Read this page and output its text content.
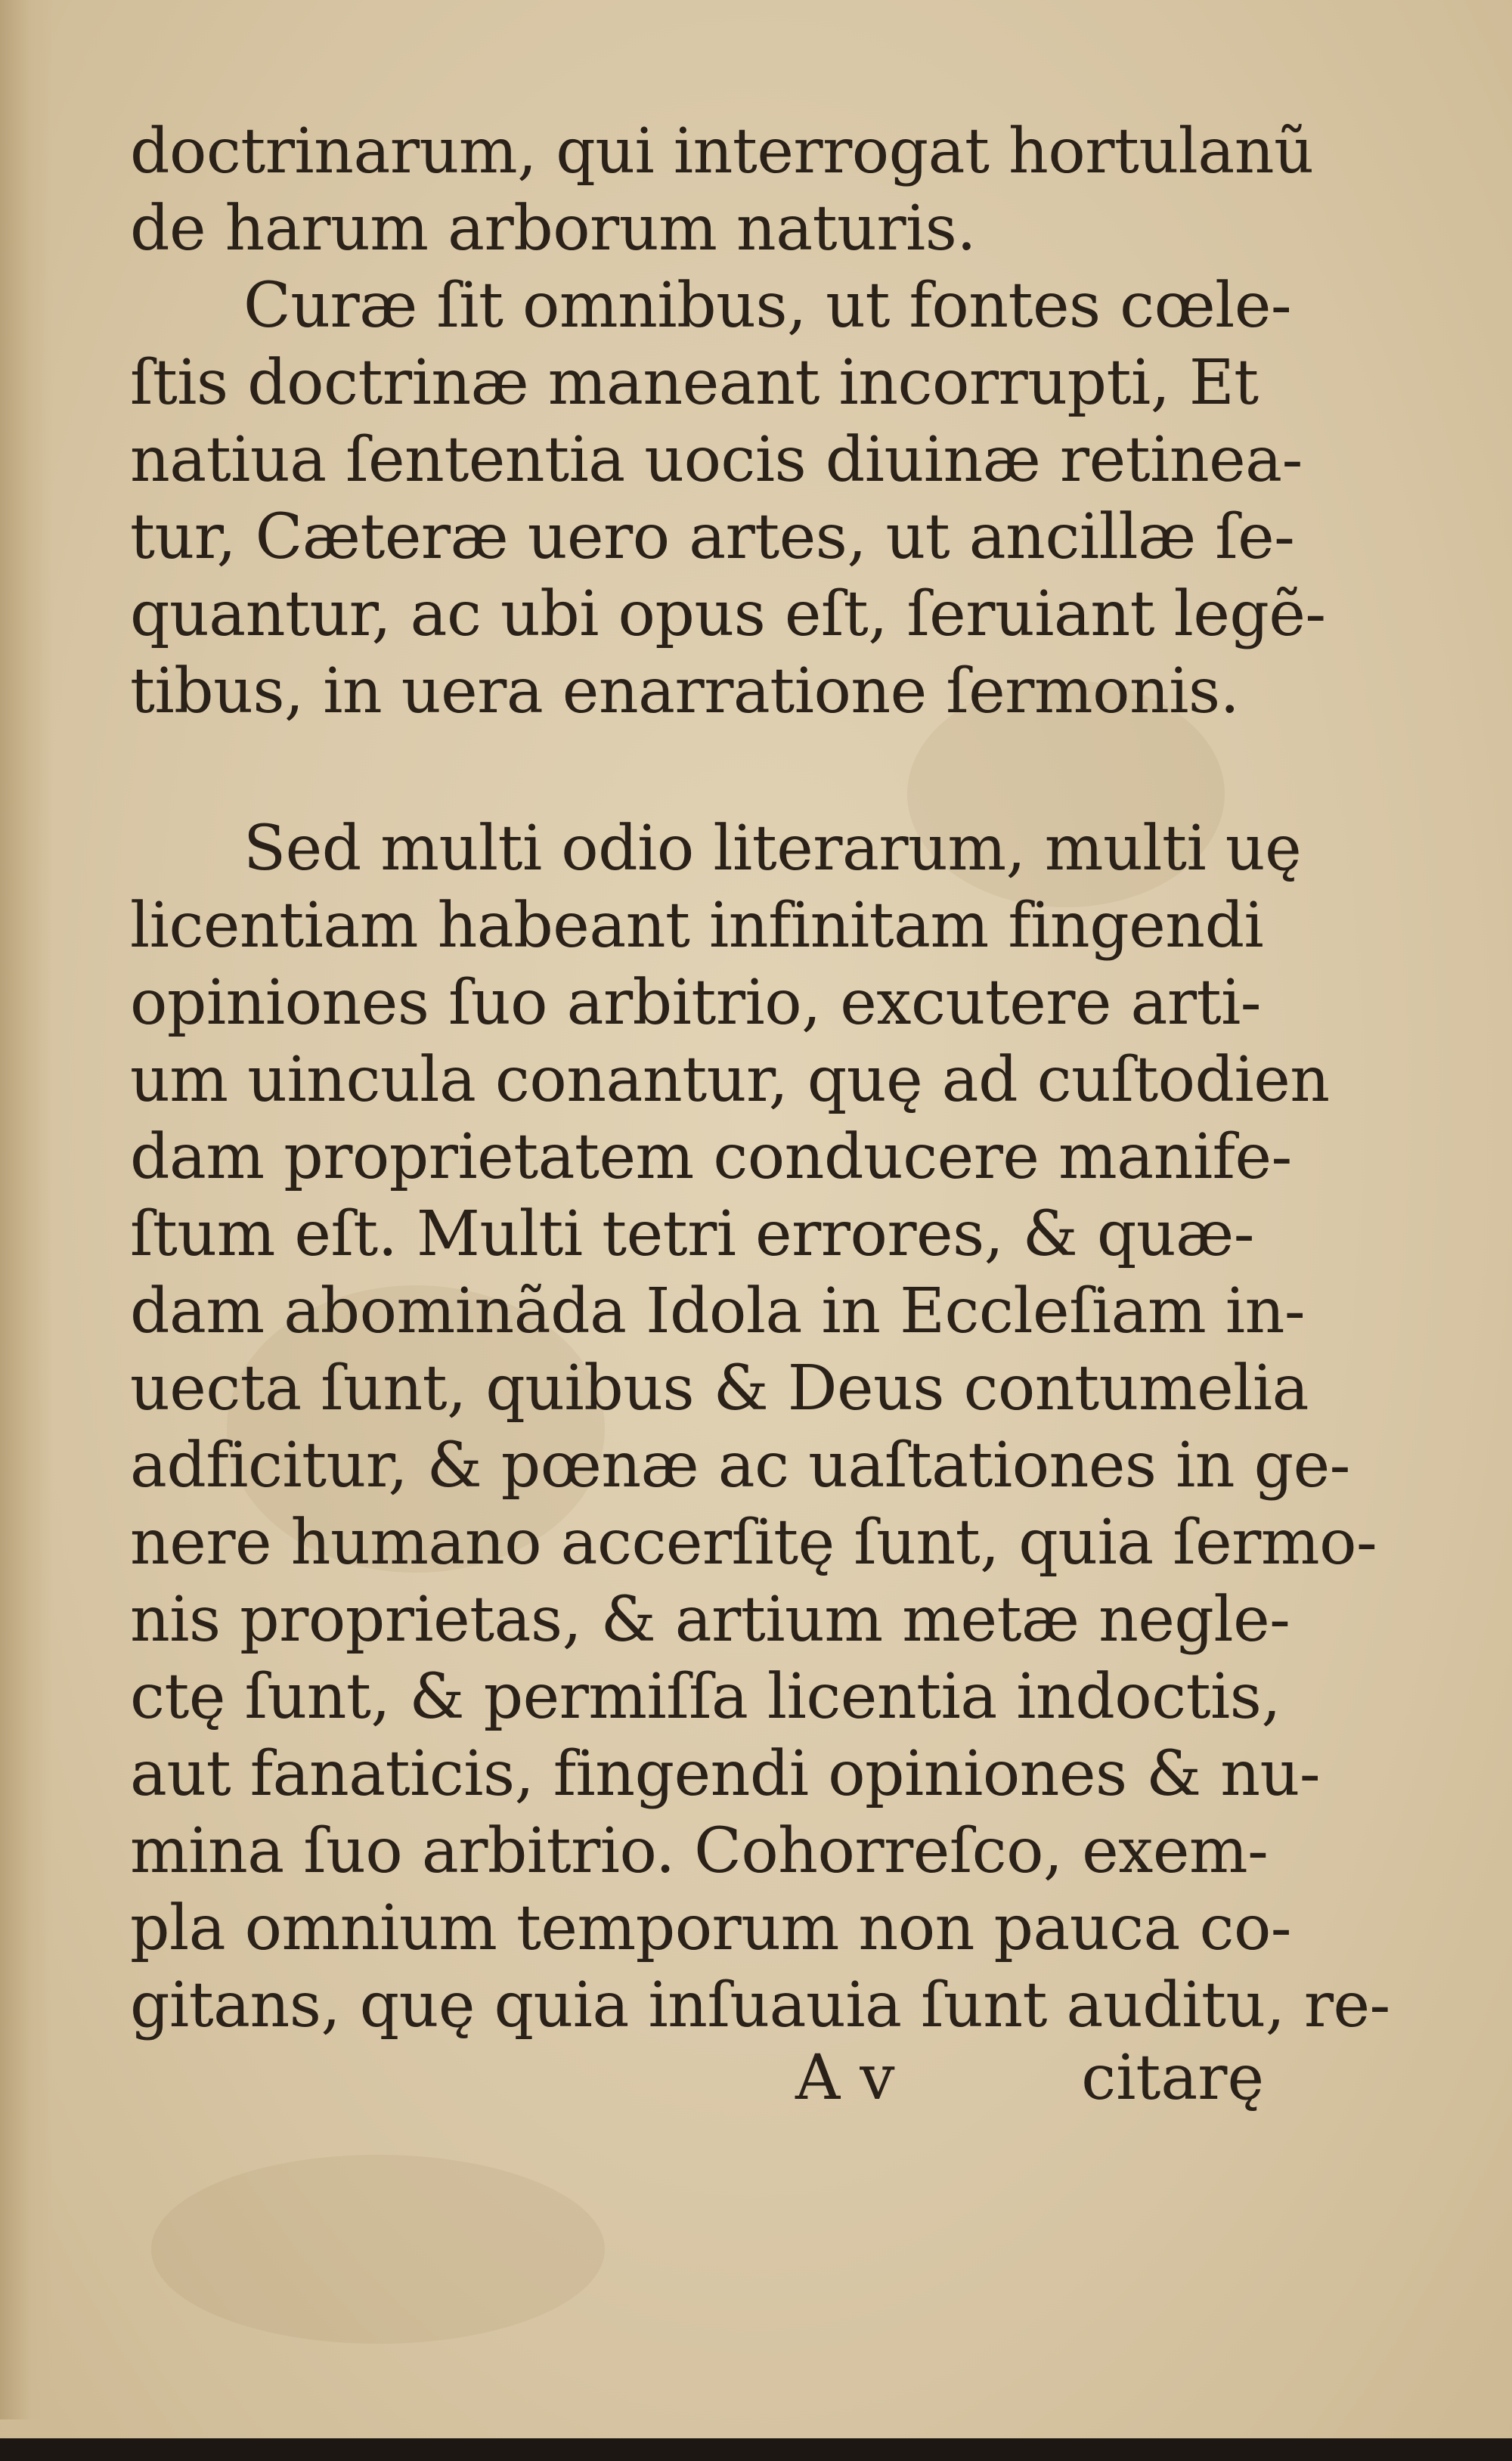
doctrinarum, qui interrogat hortulanũ
de harum arborum naturis.
Curæ ſit omnibus, ut fontes cœle-
ſtis doctrinæ maneant incorrupti, Et
natiua ſententia uocis diuinæ retinea-
tur, Cæteræ uero artes, ut ancillæ ſe-
quantur, ac ubi opus eſt, ſeruiant legẽ-
tibus, in uera enarratione ſermonis.
Sed multi odio literarum, multi uę
licentiam habeant infinitam fingendi
opiniones ſuo arbitrio, excutere arti-
um uincula conantur, quę ad cuſtodien
dam proprietatem conducere manife-
ſtum eſt. Multi tetri errores, & quæ-
dam abominãda Idola in Eccleſiam in-
uecta ſunt, quibus & Deus contumelia
adficitur, & pœnæ ac uaſtationes in ge-
nere humano accerſitę ſunt, quia ſermo-
nis proprietas, & artium metæ negle-
ctę ſunt, & permiſſa licentia indoctis,
aut fanaticis, fingendi opiniones & nu-
mina ſuo arbitrio. Cohorreſco, exem-
pla omnium temporum non pauca co-
gitans, quę quia inſuauia ſunt auditu, re-
A v	citarę
